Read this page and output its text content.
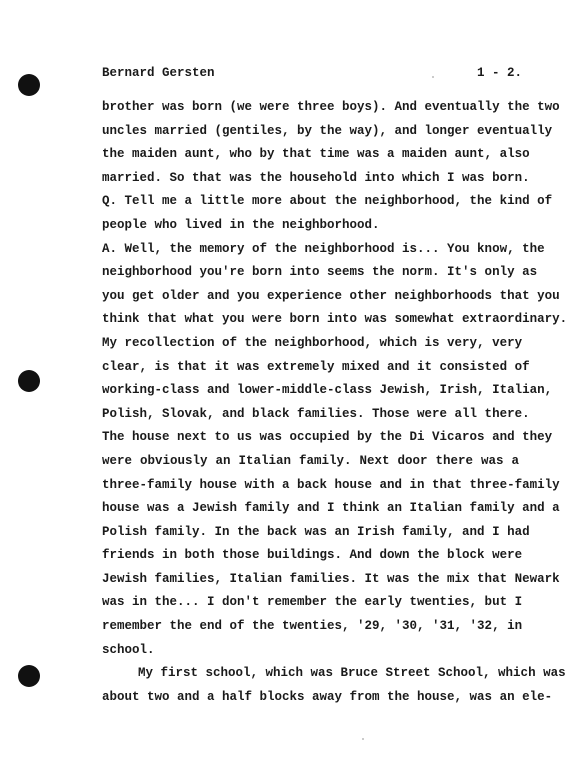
Bernard Gersten	1 - 2.
brother was born (we were three boys). And eventually the two
uncles married (gentiles, by the way), and longer eventually
the maiden aunt, who by that time was a maiden aunt, also
married. So that was the household into which I was born.
Q. Tell me a little more about the neighborhood, the kind of
people who lived in the neighborhood.
A. Well, the memory of the neighborhood is... You know, the
neighborhood you're born into seems the norm. It's only as
you get older and you experience other neighborhoods that you
think that what you were born into was somewhat extraordinary.
My recollection of the neighborhood, which is very, very
clear, is that it was extremely mixed and it consisted of
working-class and lower-middle-class Jewish, Irish, Italian,
Polish, Slovak, and black families. Those were all there.
The house next to us was occupied by the Di Vicaros and they
were obviously an Italian family. Next door there was a
three-family house with a back house and in that three-family
house was a Jewish family and I think an Italian family and a
Polish family. In the back was an Irish family, and I had
friends in both those buildings. And down the block were
Jewish families, Italian families. It was the mix that Newark
was in the... I don't remember the early twenties, but I
remember the end of the twenties, '29, '30, '31, '32, in
school.
My first school, which was Bruce Street School, which was
about two and a half blocks away from the house, was an ele-
